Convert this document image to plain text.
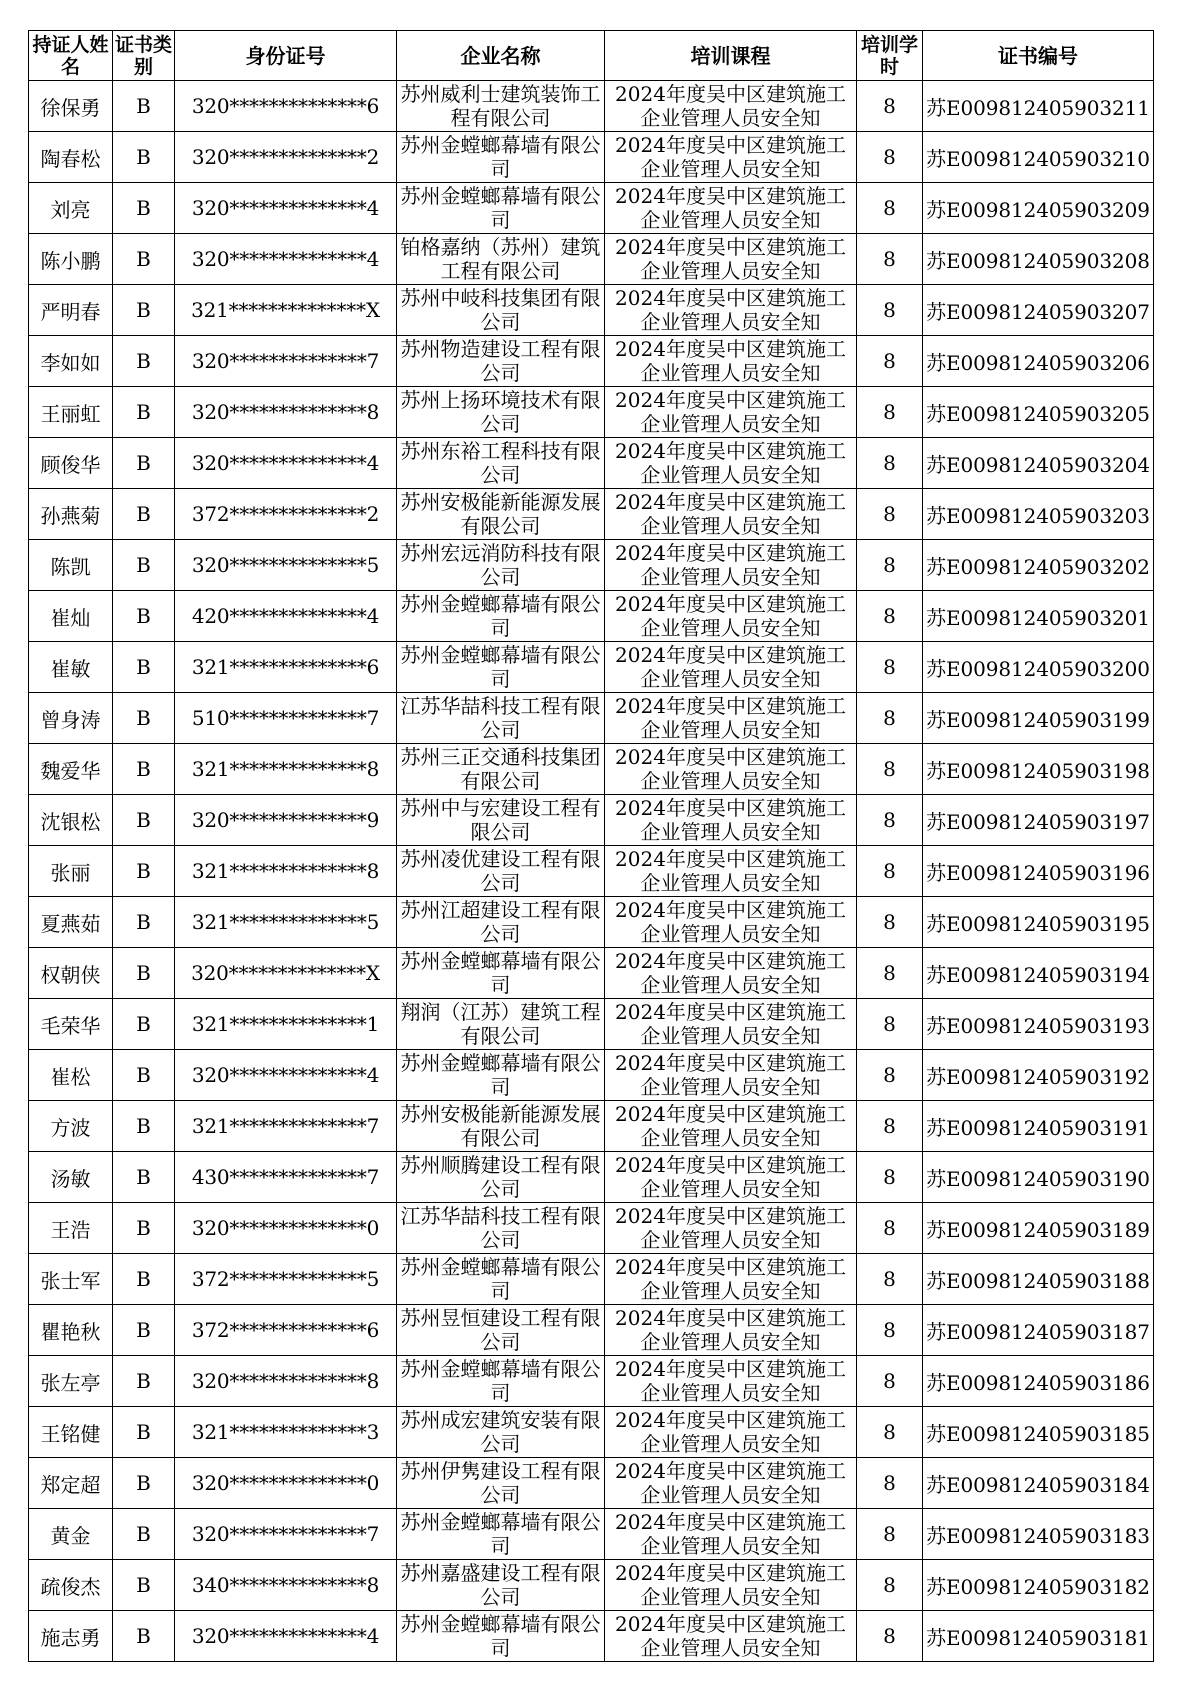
持证人姓名	证书类别	身份证号	企业名称	培训课程	培训学时	证书编号
徐保勇	B	320**************6	苏州威利士建筑装饰工程有限公司	2024年度吴中区建筑施工企业管理人员安全知	8	苏E009812405903211
陶春松	B	320**************2	苏州金螳螂幕墙有限公司	2024年度吴中区建筑施工企业管理人员安全知	8	苏E009812405903210
刘亮	B	320**************4	苏州金螳螂幕墙有限公司	2024年度吴中区建筑施工企业管理人员安全知	8	苏E009812405903209
陈小鹏	B	320**************4	铂格嘉纳（苏州）建筑工程有限公司	2024年度吴中区建筑施工企业管理人员安全知	8	苏E009812405903208
严明春	B	321**************X	苏州中岐科技集团有限公司	2024年度吴中区建筑施工企业管理人员安全知	8	苏E009812405903207
李如如	B	320**************7	苏州物造建设工程有限公司	2024年度吴中区建筑施工企业管理人员安全知	8	苏E009812405903206
王丽虹	B	320**************8	苏州上扬环境技术有限公司	2024年度吴中区建筑施工企业管理人员安全知	8	苏E009812405903205
顾俊华	B	320**************4	苏州东裕工程科技有限公司	2024年度吴中区建筑施工企业管理人员安全知	8	苏E009812405903204
孙燕菊	B	372**************2	苏州安极能新能源发展有限公司	2024年度吴中区建筑施工企业管理人员安全知	8	苏E009812405903203
陈凯	B	320**************5	苏州宏远消防科技有限公司	2024年度吴中区建筑施工企业管理人员安全知	8	苏E009812405903202
崔灿	B	420**************4	苏州金螳螂幕墙有限公司	2024年度吴中区建筑施工企业管理人员安全知	8	苏E009812405903201
崔敏	B	321**************6	苏州金螳螂幕墙有限公司	2024年度吴中区建筑施工企业管理人员安全知	8	苏E009812405903200
曾身涛	B	510**************7	江苏华喆科技工程有限公司	2024年度吴中区建筑施工企业管理人员安全知	8	苏E009812405903199
魏爱华	B	321**************8	苏州三正交通科技集团有限公司	2024年度吴中区建筑施工企业管理人员安全知	8	苏E009812405903198
沈银松	B	320**************9	苏州中与宏建设工程有限公司	2024年度吴中区建筑施工企业管理人员安全知	8	苏E009812405903197
张丽	B	321**************8	苏州凌优建设工程有限公司	2024年度吴中区建筑施工企业管理人员安全知	8	苏E009812405903196
夏燕茹	B	321**************5	苏州江超建设工程有限公司	2024年度吴中区建筑施工企业管理人员安全知	8	苏E009812405903195
权朝侠	B	320**************X	苏州金螳螂幕墙有限公司	2024年度吴中区建筑施工企业管理人员安全知	8	苏E009812405903194
毛荣华	B	321**************1	翔润（江苏）建筑工程有限公司	2024年度吴中区建筑施工企业管理人员安全知	8	苏E009812405903193
崔松	B	320**************4	苏州金螳螂幕墙有限公司	2024年度吴中区建筑施工企业管理人员安全知	8	苏E009812405903192
方波	B	321**************7	苏州安极能新能源发展有限公司	2024年度吴中区建筑施工企业管理人员安全知	8	苏E009812405903191
汤敏	B	430**************7	苏州顺腾建设工程有限公司	2024年度吴中区建筑施工企业管理人员安全知	8	苏E009812405903190
王浩	B	320**************0	江苏华喆科技工程有限公司	2024年度吴中区建筑施工企业管理人员安全知	8	苏E009812405903189
张士军	B	372**************5	苏州金螳螂幕墙有限公司	2024年度吴中区建筑施工企业管理人员安全知	8	苏E009812405903188
瞿艳秋	B	372**************6	苏州昱恒建设工程有限公司	2024年度吴中区建筑施工企业管理人员安全知	8	苏E009812405903187
张左亭	B	320**************8	苏州金螳螂幕墙有限公司	2024年度吴中区建筑施工企业管理人员安全知	8	苏E009812405903186
王铭健	B	321**************3	苏州成宏建筑安装有限公司	2024年度吴中区建筑施工企业管理人员安全知	8	苏E009812405903185
郑定超	B	320**************0	苏州伊隽建设工程有限公司	2024年度吴中区建筑施工企业管理人员安全知	8	苏E009812405903184
黄金	B	320**************7	苏州金螳螂幕墙有限公司	2024年度吴中区建筑施工企业管理人员安全知	8	苏E009812405903183
疏俊杰	B	340**************8	苏州嘉盛建设工程有限公司	2024年度吴中区建筑施工企业管理人员安全知	8	苏E009812405903182
施志勇	B	320**************4	苏州金螳螂幕墙有限公司	2024年度吴中区建筑施工企业管理人员安全知	8	苏E009812405903181
